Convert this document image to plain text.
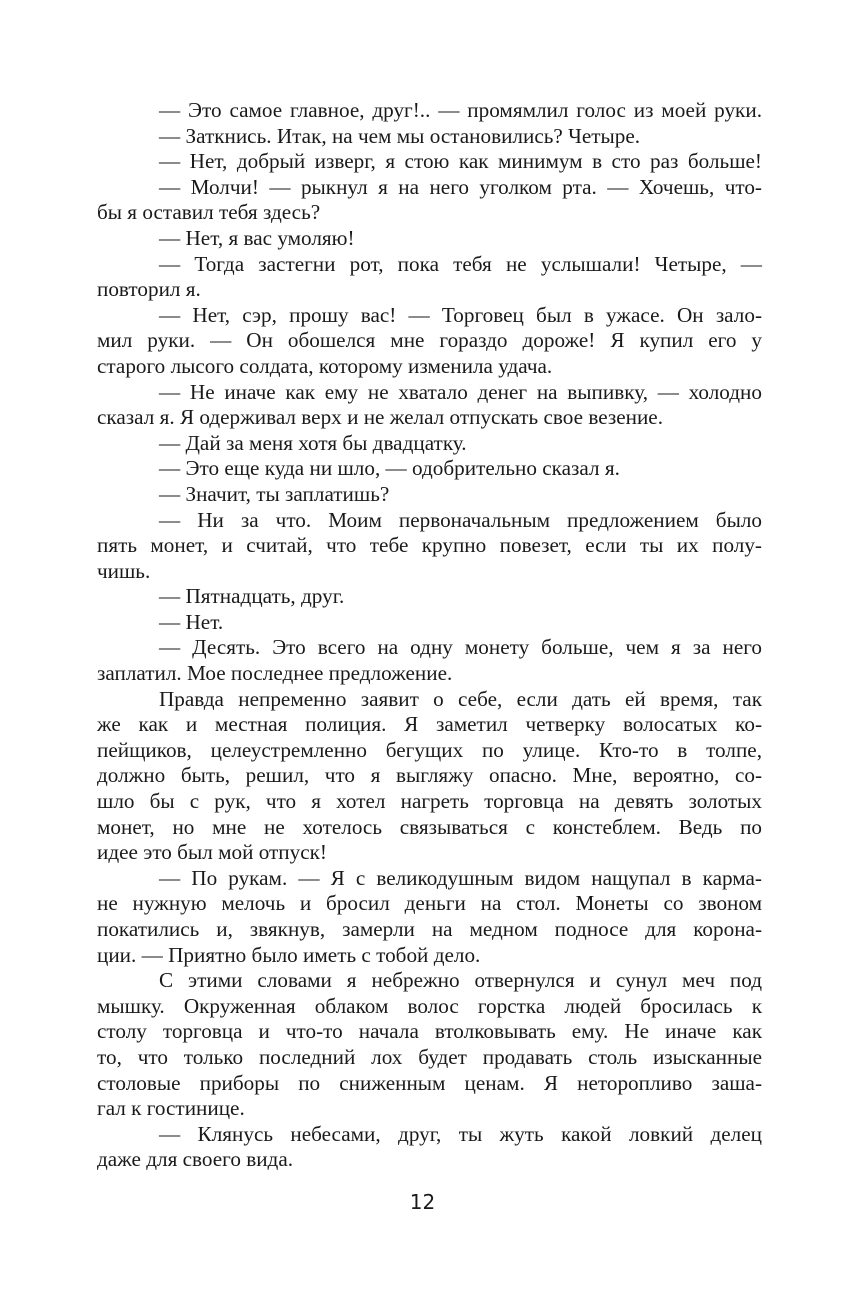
— Это самое главное, друг!.. — промямлил голос из моей руки.
— Заткнись. Итак, на чем мы остановились? Четыре.
— Нет, добрый изверг, я стою как минимум в сто раз больше!
— Молчи! — рыкнул я на него уголком рта. — Хочешь, что-
бы я оставил тебя здесь?
— Нет, я вас умоляю!
— Тогда застегни рот, пока тебя не услышали! Четыре, —
повторил я.
— Нет, сэр, прошу вас! — Торговец был в ужасе. Он зало-
мил руки. — Он обошелся мне гораздо дороже! Я купил его у
старого лысого солдата, которому изменила удача.
— Не иначе как ему не хватало денег на выпивку, — холодно
сказал я. Я одерживал верх и не желал отпускать свое везение.
— Дай за меня хотя бы двадцатку.
— Это еще куда ни шло, — одобрительно сказал я.
— Значит, ты заплатишь?
— Ни за что. Моим первоначальным предложением было
пять монет, и считай, что тебе крупно повезет, если ты их полу-
чишь.
— Пятнадцать, друг.
— Нет.
— Десять. Это всего на одну монету больше, чем я за него
заплатил. Мое последнее предложение.
Правда непременно заявит о себе, если дать ей время, так
же как и местная полиция. Я заметил четверку волосатых ко-
пейщиков, целеустремленно бегущих по улице. Кто-то в толпе,
должно быть, решил, что я выгляжу опасно. Мне, вероятно, со-
шло бы с рук, что я хотел нагреть торговца на девять золотых
монет, но мне не хотелось связываться с констеблем. Ведь по
идее это был мой отпуск!
— По рукам. — Я с великодушным видом нащупал в карма-
не нужную мелочь и бросил деньги на стол. Монеты со звоном
покатились и, звякнув, замерли на медном подносе для корона-
ции. — Приятно было иметь с тобой дело.
С этими словами я небрежно отвернулся и сунул меч под
мышку. Окруженная облаком волос горстка людей бросилась к
столу торговца и что-то начала втолковывать ему. Не иначе как
то, что только последний лох будет продавать столь изысканные
столовые приборы по сниженным ценам. Я неторопливо заша-
гал к гостинице.
— Клянусь небесами, друг, ты жуть какой ловкий делец
даже для своего вида.
12
